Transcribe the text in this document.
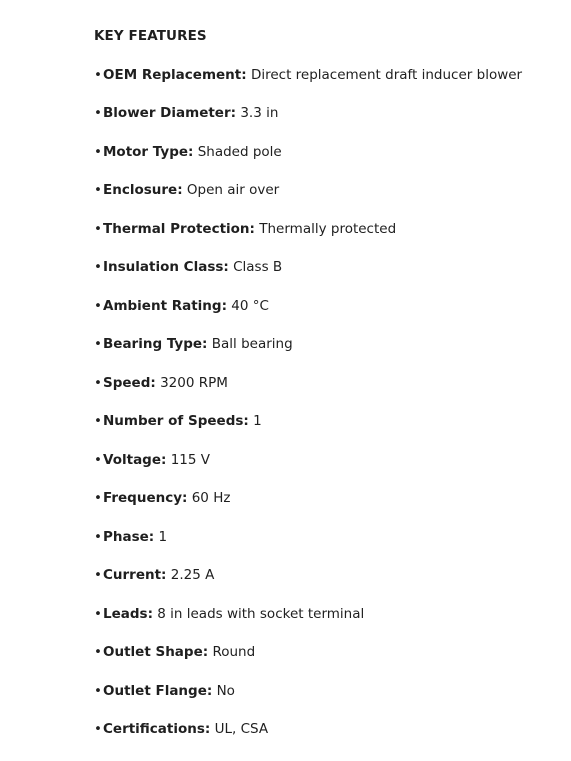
KEY FEATURES
•OEM Replacement: Direct replacement draft inducer blower
•Blower Diameter: 3.3 in
•Motor Type: Shaded pole
•Enclosure: Open air over
•Thermal Protection: Thermally protected
•Insulation Class: Class B
•Ambient Rating: 40 °C
•Bearing Type: Ball bearing
•Speed: 3200 RPM
•Number of Speeds: 1
•Voltage: 115 V
•Frequency: 60 Hz
•Phase: 1
•Current: 2.25 A
•Leads: 8 in leads with socket terminal
•Outlet Shape: Round
•Outlet Flange: No
•Certifications: UL, CSA
